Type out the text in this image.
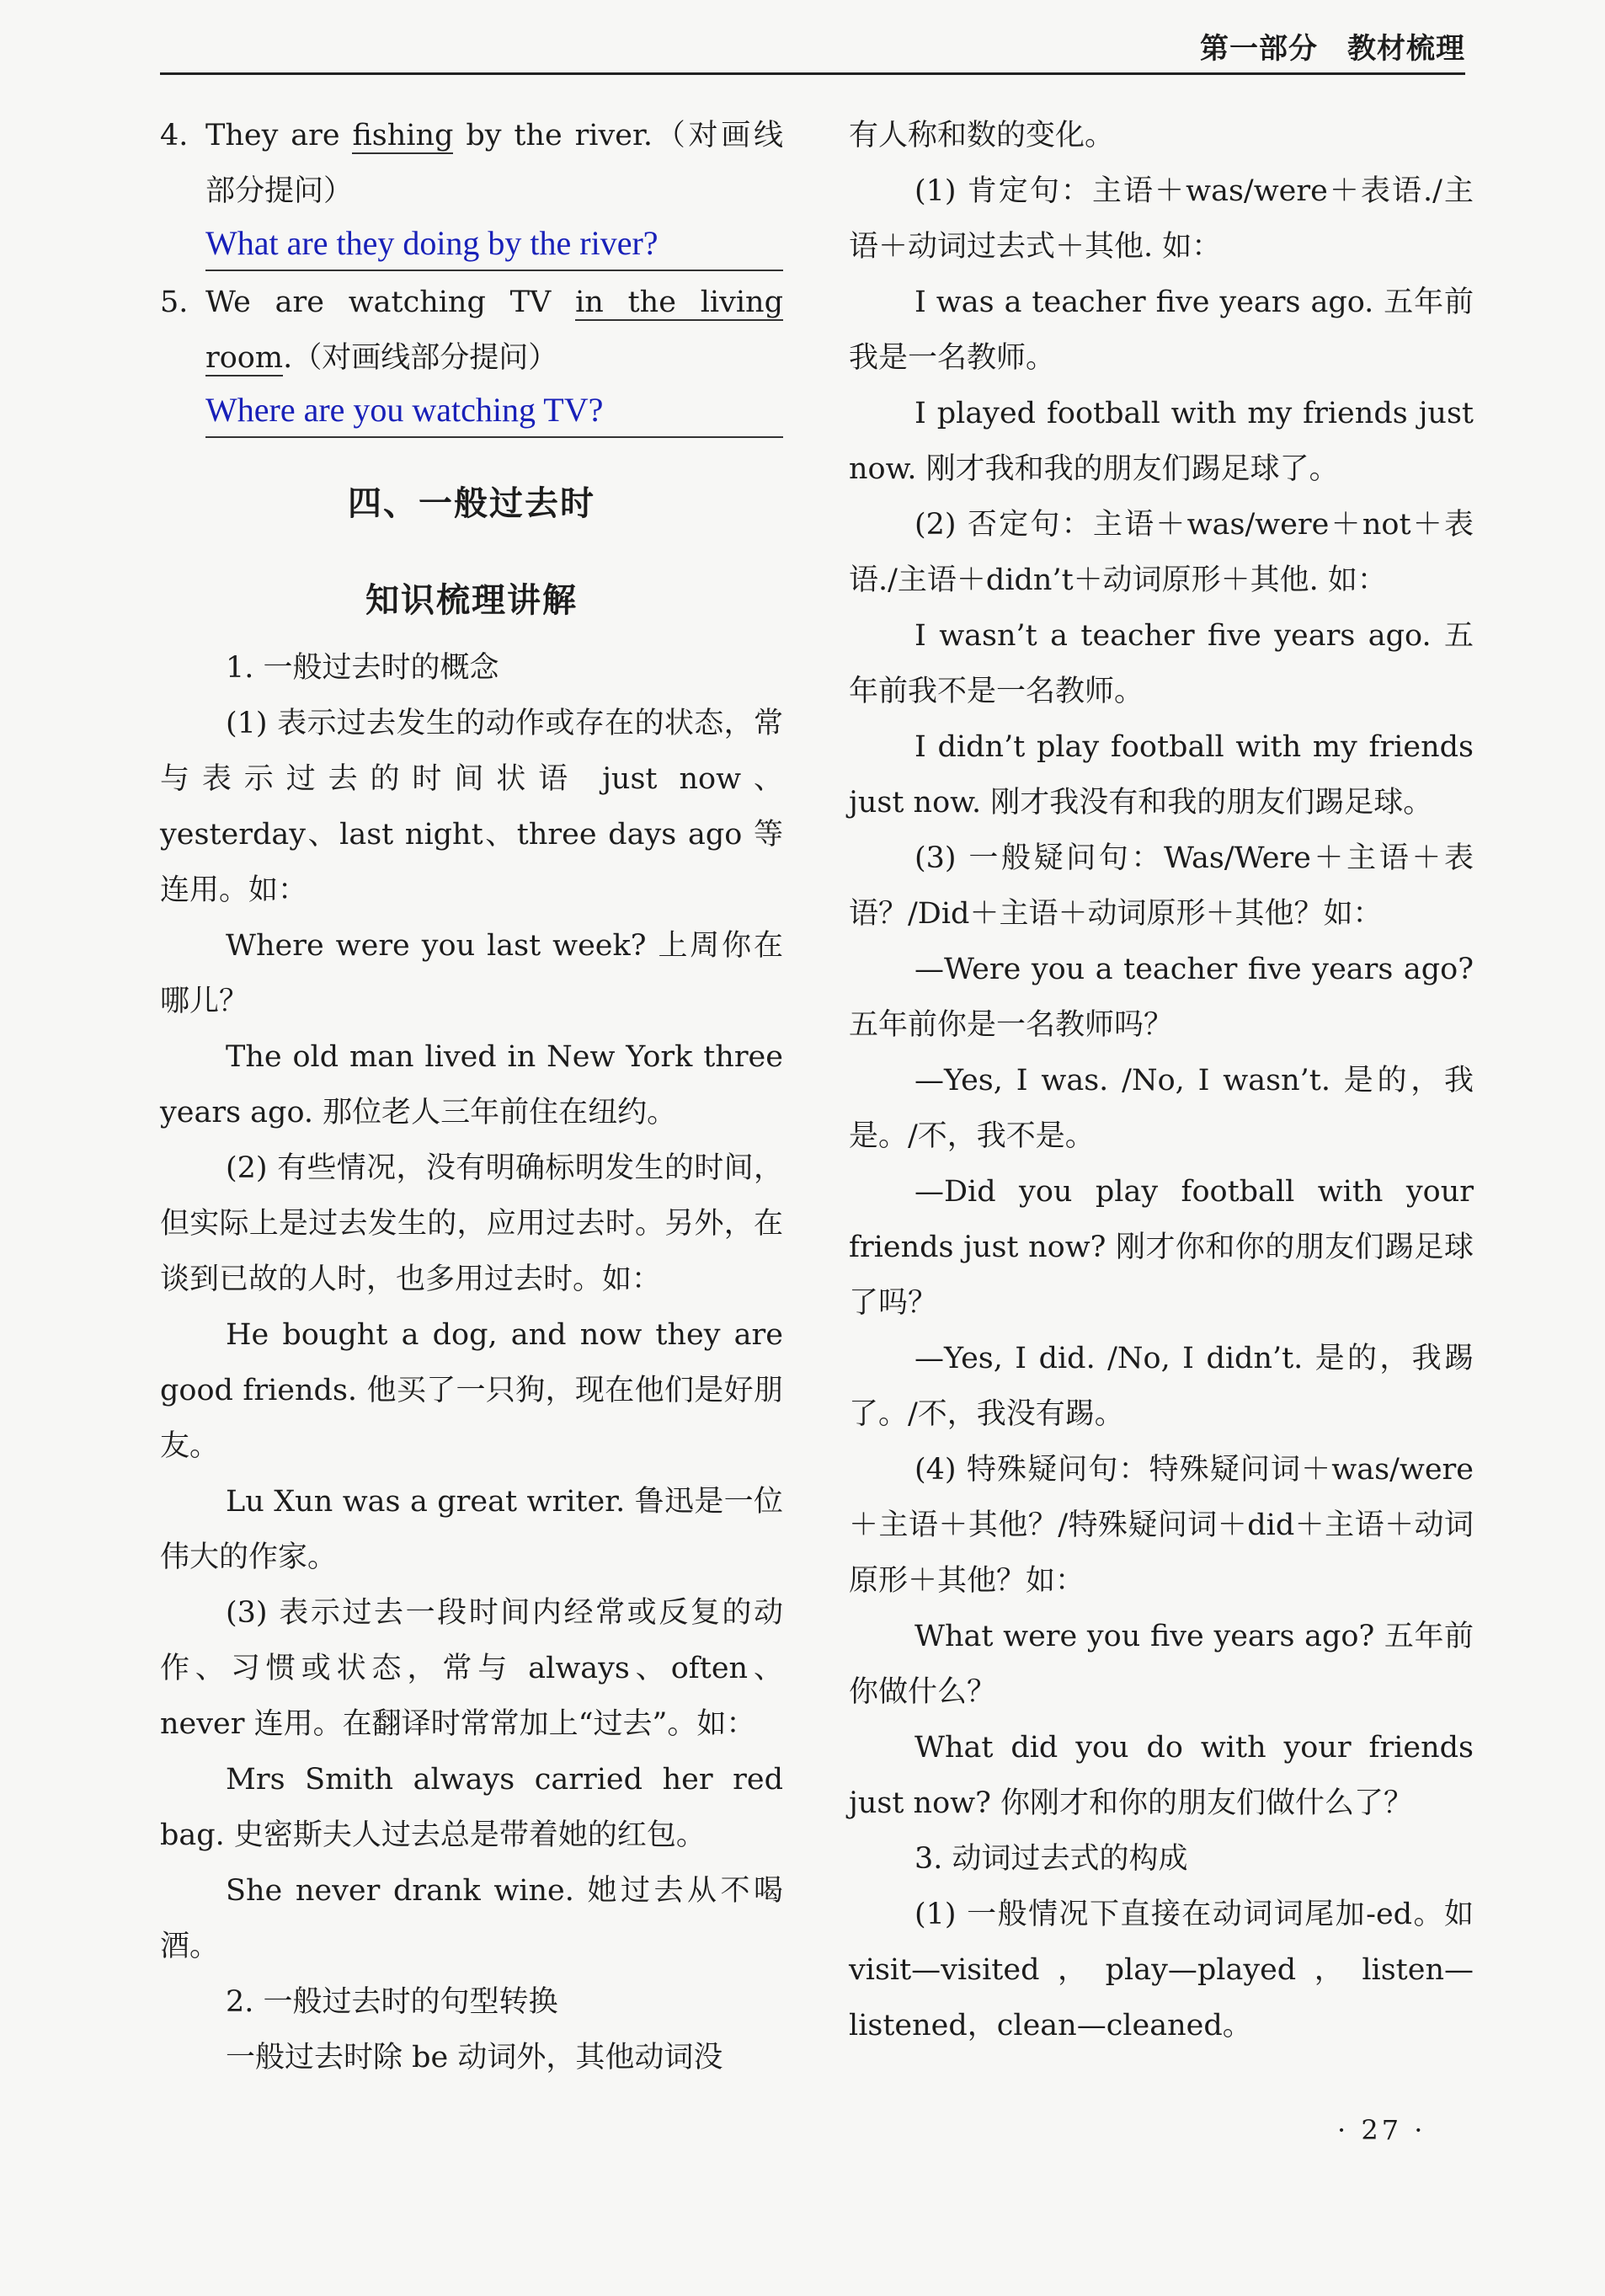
第一部分　教材梳理

4. They are fishing by the river.（对画线部分提问）

What are they doing by the river?

5. We are watching TV in the living room.（对画线部分提问）

Where are you watching TV?
四、一般过去时
知识梳理讲解

1. 一般过去时的概念

(1) 表示过去发生的动作或存在的状态，常与表示过去的时间状语 just now、yesterday、last night、three days ago 等连用。如：

Where were you last week? 上周你在哪儿？

The old man lived in New York three years ago. 那位老人三年前住在纽约。

(2) 有些情况，没有明确标明发生的时间，但实际上是过去发生的，应用过去时。另外，在谈到已故的人时，也多用过去时。如：

He bought a dog, and now they are good friends. 他买了一只狗，现在他们是好朋友。

Lu Xun was a great writer. 鲁迅是一位伟大的作家。

(3) 表示过去一段时间内经常或反复的动作、习惯或状态，常与 always、often、never 连用。在翻译时常常加上“过去”。如：

Mrs Smith always carried her red bag. 史密斯夫人过去总是带着她的红包。

She never drank wine. 她过去从不喝酒。

2. 一般过去时的句型转换

一般过去时除 be 动词外，其他动词没

有人称和数的变化。

(1) 肯定句：主语＋was/were＋表语./主语＋动词过去式＋其他. 如：

I was a teacher five years ago. 五年前我是一名教师。

I played football with my friends just now. 刚才我和我的朋友们踢足球了。

(2) 否定句：主语＋was/were＋not＋表语./主语＋didn’t＋动词原形＋其他. 如：

I wasn’t a teacher five years ago. 五年前我不是一名教师。

I didn’t play football with my friends just now. 刚才我没有和我的朋友们踢足球。

(3) 一般疑问句：Was/Were＋主语＋表语？/Did＋主语＋动词原形＋其他？如：

—Were you a teacher five years ago? 五年前你是一名教师吗？

—Yes, I was. /No, I wasn’t. 是的，我是。/不，我不是。

—Did you play football with your friends just now? 刚才你和你的朋友们踢足球了吗？

—Yes, I did. /No, I didn’t. 是的，我踢了。/不，我没有踢。

(4) 特殊疑问句：特殊疑问词＋was/were＋主语＋其他？/特殊疑问词＋did＋主语＋动词原形＋其他？如：

What were you five years ago? 五年前你做什么？

What did you do with your friends just now? 你刚才和你的朋友们做什么了？

3. 动词过去式的构成

(1) 一般情况下直接在动词词尾加-ed。如 visit—visited，play—played，listen—listened，clean—cleaned。

· 27 ·
